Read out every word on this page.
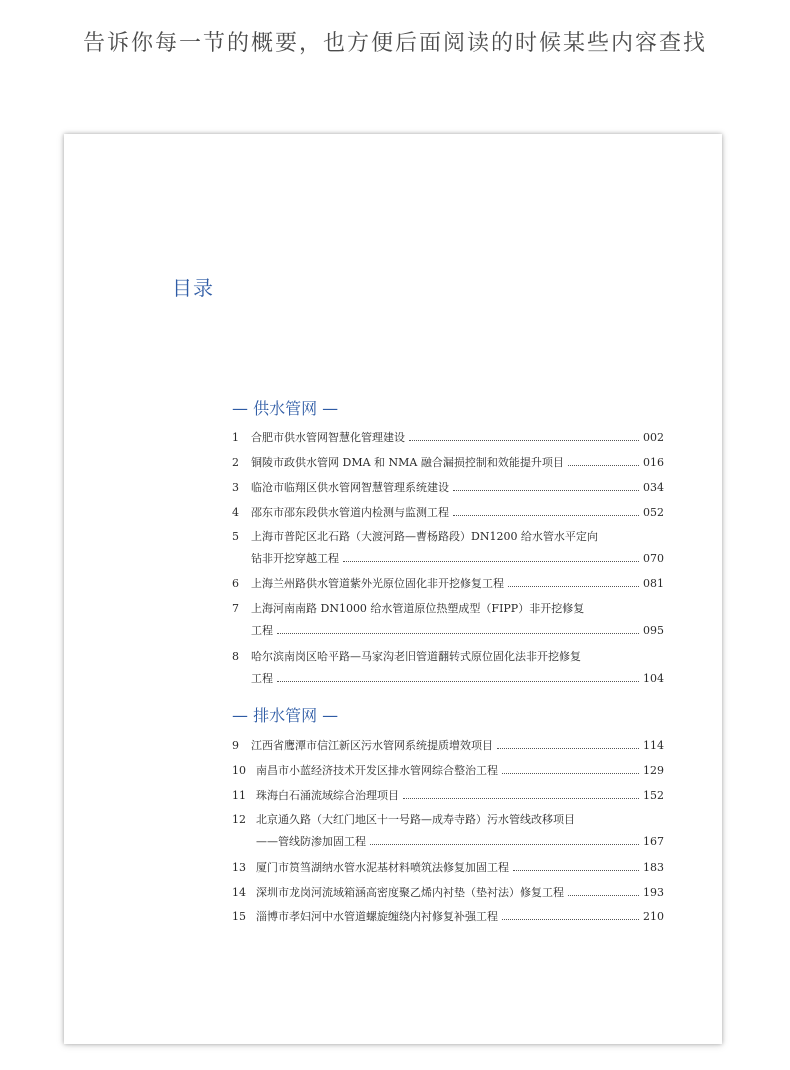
告诉你每一节的概要，也方便后面阅读的时候某些内容查找
目录
— 供水管网 —
1	合肥市供水管网智慧化管理建设	002
2	铜陵市政供水管网 DMA 和 NMA 融合漏损控制和效能提升项目	016
3	临沧市临翔区供水管网智慧管理系统建设	034
4	邵东市邵东段供水管道内检测与监测工程	052
5	上海市普陀区北石路（大渡河路—曹杨路段）DN1200 给水管水平定向
钻非开挖穿越工程	070
6	上海兰州路供水管道紫外光原位固化非开挖修复工程	081
7	上海河南南路 DN1000 给水管道原位热塑成型（FIPP）非开挖修复
工程	095
8	哈尔滨南岗区哈平路—马家沟老旧管道翻转式原位固化法非开挖修复
工程	104
— 排水管网 —
9	江西省鹰潭市信江新区污水管网系统提质增效项目	114
10 南昌市小蓝经济技术开发区排水管网综合整治工程	129
11 珠海白石涌流域综合治理项目	152
12 北京通久路（大红门地区十一号路—成寿寺路）污水管线改移项目
——管线防渗加固工程	167
13 厦门市筼筜湖纳水管水泥基材料喷筑法修复加固工程	183
14 深圳市龙岗河流域箱涵高密度聚乙烯内衬垫（垫衬法）修复工程	193
15 淄博市孝妇河中水管道螺旋缠绕内衬修复补强工程	210
